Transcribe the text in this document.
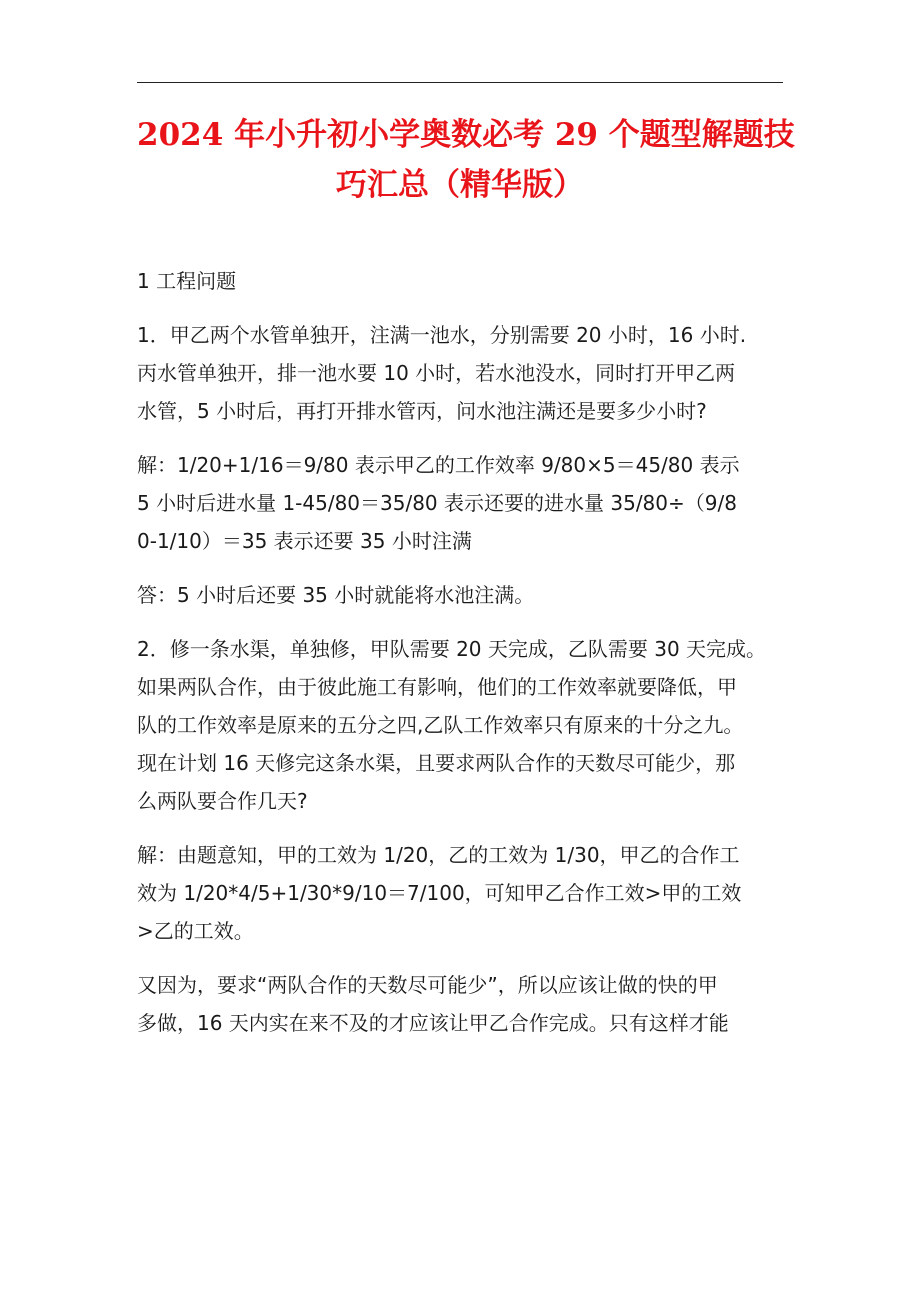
2024 年小升初小学奥数必考 29 个题型解题技
巧汇总（精华版）

1 工程问题

1．甲乙两个水管单独开，注满一池水，分别需要 20 小时，16 小时.
丙水管单独开，排一池水要 10 小时，若水池没水，同时打开甲乙两
水管，5 小时后，再打开排水管丙，问水池注满还是要多少小时?

解：1/20+1/16＝9/80 表示甲乙的工作效率 9/80×5＝45/80 表示
5 小时后进水量 1-45/80＝35/80 表示还要的进水量 35/80÷（9/8
0-1/10）＝35 表示还要 35 小时注满

答：5 小时后还要 35 小时就能将水池注满。

2．修一条水渠，单独修，甲队需要 20 天完成，乙队需要 30 天完成。
如果两队合作，由于彼此施工有影响，他们的工作效率就要降低，甲
队的工作效率是原来的五分之四,乙队工作效率只有原来的十分之九。
现在计划 16 天修完这条水渠，且要求两队合作的天数尽可能少，那
么两队要合作几天?

解：由题意知，甲的工效为 1/20，乙的工效为 1/30，甲乙的合作工
效为 1/20*4/5+1/30*9/10＝7/100，可知甲乙合作工效>甲的工效
>乙的工效。

又因为，要求“两队合作的天数尽可能少”，所以应该让做的快的甲
多做，16 天内实在来不及的才应该让甲乙合作完成。只有这样才能
